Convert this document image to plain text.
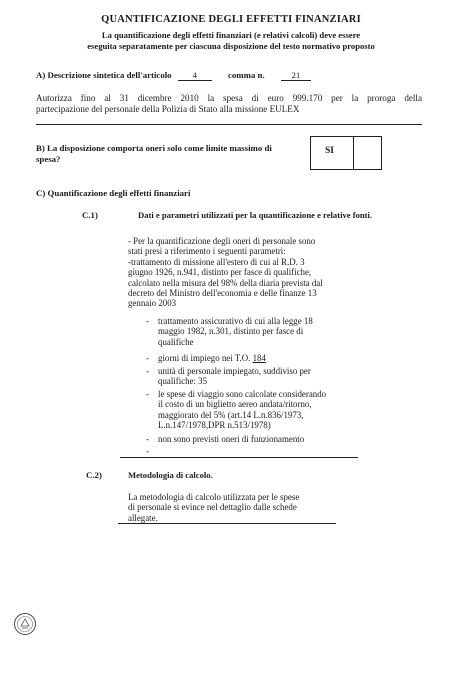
QUANTIFICAZIONE DEGLI EFFETTI FINANZIARI
La quantificazione degli effetti finanziari (e relativi calcoli) deve essere
eseguita separatamente per ciascuna disposizione del testo normativo proposto
A) Descrizione sintetica dell'articolo 4	comma n.	21
Autorizza fino al 31 dicembre 2010 la spesa di euro 999.170 per la proroga della
partecipazione del personale della Polizia di Stato alla missione EULEX
B) La disposizione comporta oneri solo come limite massimo di
spesa?
SI
C) Quantificazione degli effetti finanziari
C.1)	Dati e parametri utilizzati per la quantificazione e relative fonti.
- Per la quantificazione degli oneri di personale sono
stati presi a riferimento i seguenti parametri:
-trattamento di missione all'estero di cui al R.D. 3
giugno 1926, n.941, distinto per fasce di qualifiche,
calcolato nella misura del 98% della diaria prevista dal
decreto del Ministro dell'economia e delle finanze 13
gennaio 2003
- trattamento assicurativo di cui alla legge 18
maggio 1982, n.301, distinto per fasce di
qualifiche
- giorni di impiego nei T.O. 184
- unità di personale impiegato, suddiviso per
qualifiche: 35
- le spese di viaggio sono calcolate considerando
il costo di un biglietto aereo andata/ritorno,
maggiorato del 5% (art.14 L.n.836/1973,
L.n.147/1978,DPR n.513/1978)
- non sono previsti oneri di funzionamento
-
C.2)	Metodologia di calcolo.
La metodologia di calcolo utilizzata per le spese
di personale si evince nel dettaglio dalle schede
allegate.
